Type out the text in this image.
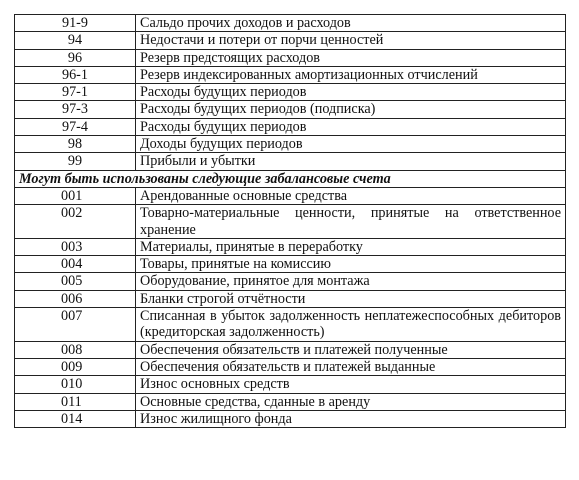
91-9	Сальдо прочих доходов и расходов
94	Недостачи и потери от порчи ценностей
96	Резерв предстоящих расходов
96-1	Резерв индексированных амортизационных отчислений
97-1	Расходы будущих периодов
97-3	Расходы будущих периодов (подписка)
97-4	Расходы будущих периодов
98	Доходы будущих периодов
99	Прибыли и убытки
Могут быть использованы следующие забалансовые счета	
001	Арендованные основные средства
002	Товарно-материальные ценности, принятые на ответственное хранение
003	Материалы, принятые в переработку
004	Товары, принятые на комиссию
005	Оборудование, принятое для монтажа
006	Бланки строгой отчётности
007	Списанная в убыток задолженность неплатежеспособных дебиторов (кредиторская задолженность)
008	Обеспечения обязательств и платежей полученные
009	Обеспечения обязательств и платежей выданные
010	Износ основных средств
011	Основные средства, сданные в аренду
014	Износ жилищного фонда
